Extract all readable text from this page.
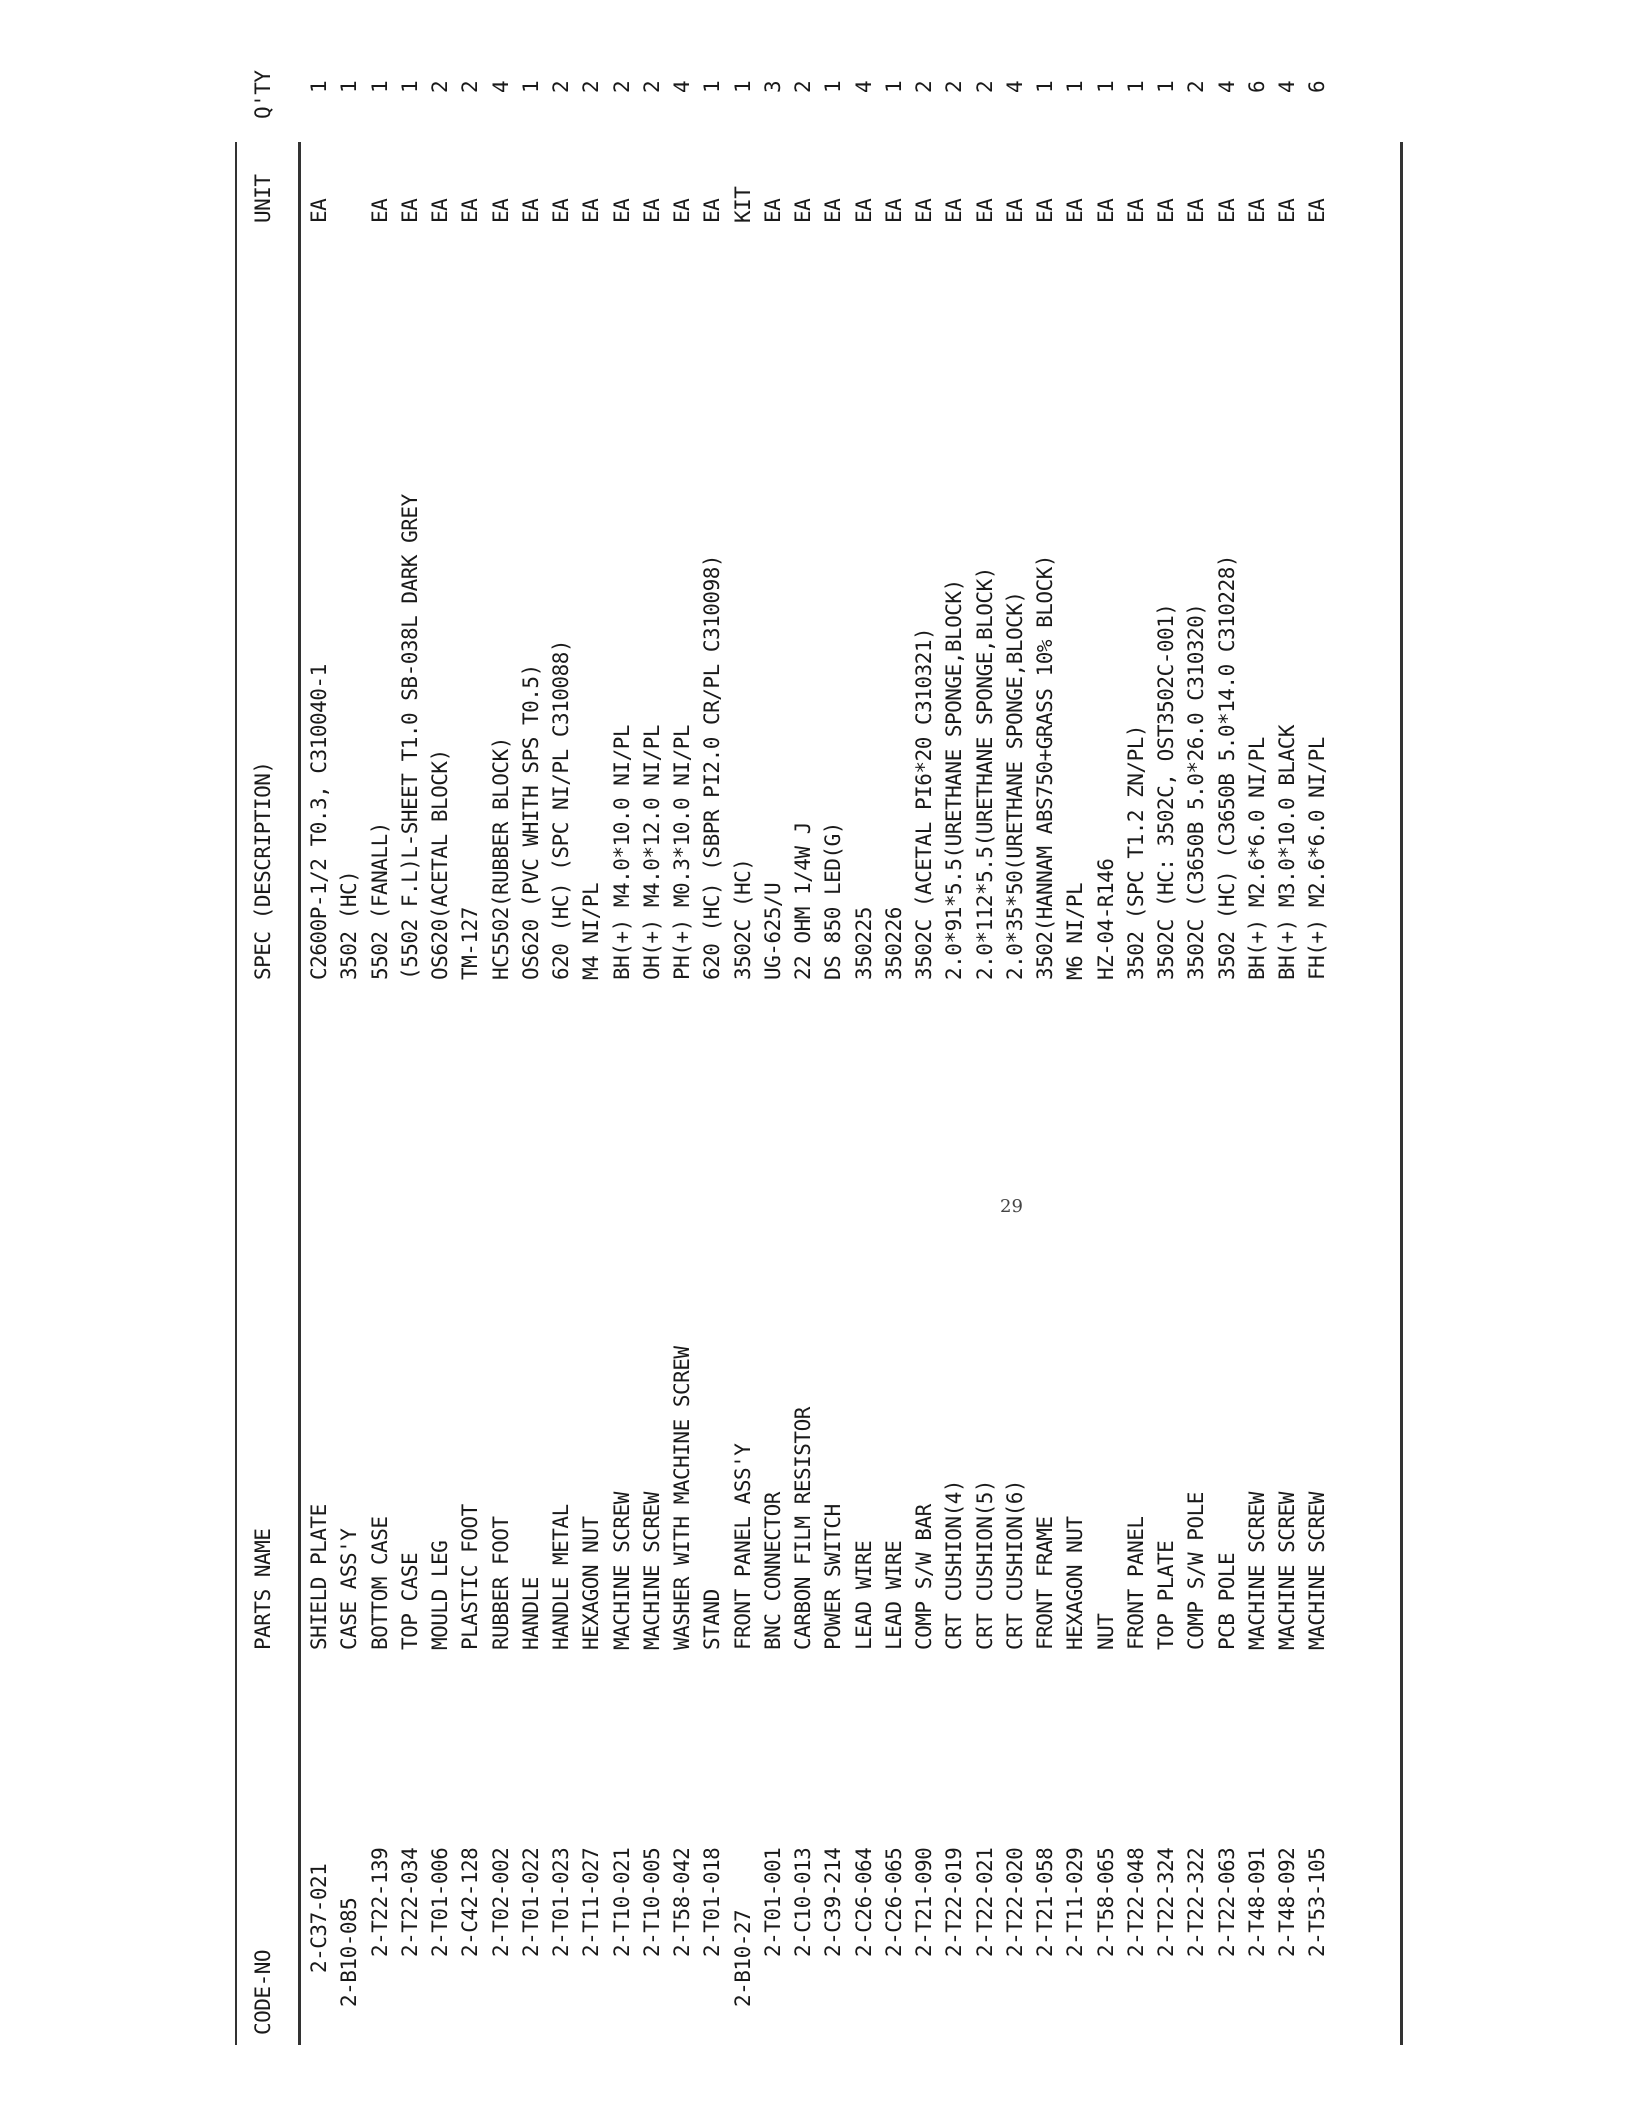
CODE-NO
PARTS NAME
SPEC (DESCRIPTION)
UNIT
Q'TY
2-C37-021
SHIELD PLATE
C2600P-1/2 T0.3, C310040-1
EA
1
2-B10-085
CASE ASS'Y
3502 (HC)
1
2-T22-139
BOTTOM CASE
5502 (FANALL)
EA
1
2-T22-034
TOP CASE
(5502 F.L)L-SHEET T1.0 SB-038L DARK GREY
EA
1
2-T01-006
MOULD LEG
OS620(ACETAL BLOCK)
EA
2
2-C42-128
PLASTIC FOOT
TM-127
EA
2
2-T02-002
RUBBER FOOT
HC5502(RUBBER BLOCK)
EA
4
2-T01-022
HANDLE
OS620 (PVC WHITH SPS T0.5)
EA
1
2-T01-023
HANDLE METAL
620 (HC) (SPC NI/PL C310088)
EA
2
2-T11-027
HEXAGON NUT
M4 NI/PL
EA
2
2-T10-021
MACHINE SCREW
BH(+) M4.0*10.0 NI/PL
EA
2
2-T10-005
MACHINE SCREW
OH(+) M4.0*12.0 NI/PL
EA
2
2-T58-042
WASHER WITH MACHINE SCREW
PH(+) M0.3*10.0 NI/PL
EA
4
2-T01-018
STAND
620 (HC) (SBPR PI2.0 CR/PL C310098)
EA
1
2-B10-27
FRONT PANEL ASS'Y
3502C (HC)
KIT
1
2-T01-001
BNC CONNECTOR
UG-625/U
EA
3
2-C10-013
CARBON FILM RESISTOR
22 OHM 1/4W J
EA
2
2-C39-214
POWER SWITCH
DS 850 LED(G)
EA
1
2-C26-064
LEAD WIRE
350225
EA
4
2-C26-065
LEAD WIRE
350226
EA
1
2-T21-090
COMP S/W BAR
3502C (ACETAL PI6*20 C310321)
EA
2
2-T22-019
CRT CUSHION(4)
2.0*91*5.5(URETHANE SPONGE,BLOCK)
EA
2
2-T22-021
CRT CUSHION(5)
2.0*112*5.5(URETHANE SPONGE,BLOCK)
EA
2
2-T22-020
CRT CUSHION(6)
2.0*35*50(URETHANE SPONGE,BLOCK)
EA
4
2-T21-058
FRONT FRAME
3502(HANNAM ABS750+GRASS 10% BLOCK)
EA
1
2-T11-029
HEXAGON NUT
M6 NI/PL
EA
1
2-T58-065
NUT
HZ-04-R146
EA
1
2-T22-048
FRONT PANEL
3502 (SPC T1.2 ZN/PL)
EA
1
2-T22-324
TOP PLATE
3502C (HC: 3502C, OST3502C-001)
EA
1
2-T22-322
COMP S/W POLE
3502C (C3650B 5.0*26.0 C310320)
EA
2
2-T22-063
PCB POLE
3502 (HC) (C3650B 5.0*14.0 C310228)
EA
4
2-T48-091
MACHINE SCREW
BH(+) M2.6*6.0 NI/PL
EA
6
2-T48-092
MACHINE SCREW
BH(+) M3.0*10.0 BLACK
EA
4
2-T53-105
MACHINE SCREW
FH(+) M2.6*6.0 NI/PL
EA
6
29
